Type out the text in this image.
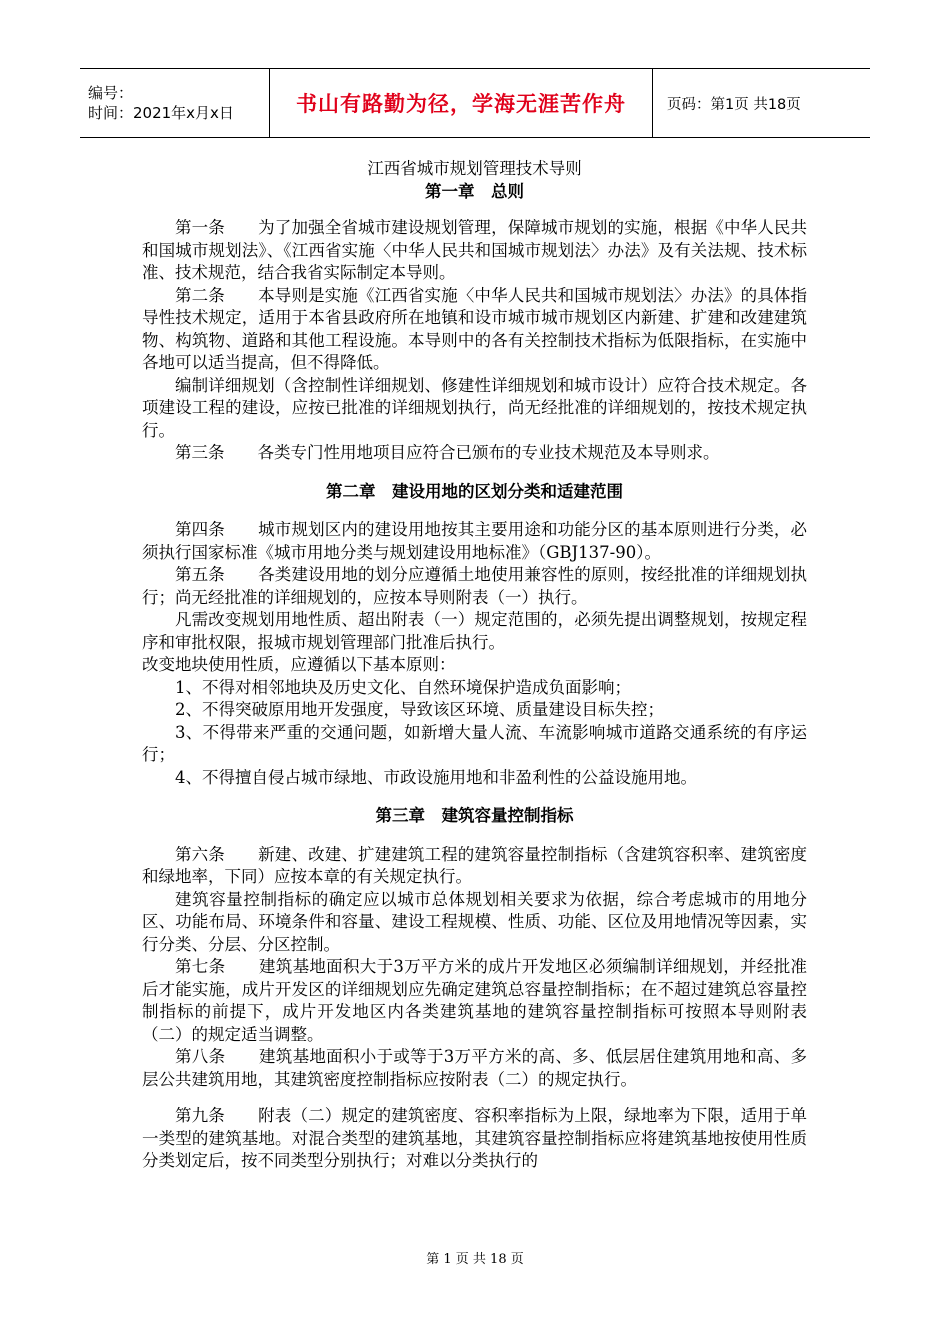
编号：
时间：2021年x月x日	书山有路勤为径，学海无涯苦作舟	页码：第1页 共18页
江西省城市规划管理技术导则
第一章　总则
第一条　　为了加强全省城市建设规划管理，保障城市规划的实施，根据《中华人民共和国城市规划法》、《江西省实施〈中华人民共和国城市规划法〉办法》及有关法规、技术标准、技术规范，结合我省实际制定本导则。
第二条　　本导则是实施《江西省实施〈中华人民共和国城市规划法〉办法》的具体指导性技术规定，适用于本省县政府所在地镇和设市城市城市规划区内新建、扩建和改建建筑物、构筑物、道路和其他工程设施。本导则中的各有关控制技术指标为低限指标，在实施中各地可以适当提高，但不得降低。
编制详细规划（含控制性详细规划、修建性详细规划和城市设计）应符合技术规定。各项建设工程的建设，应按已批准的详细规划执行，尚无经批准的详细规划的，按技术规定执行。
第三条　　各类专门性用地项目应符合已颁布的专业技术规范及本导则求。
第二章　建设用地的区划分类和适建范围
第四条　　城市规划区内的建设用地按其主要用途和功能分区的基本原则进行分类，必须执行国家标准《城市用地分类与规划建设用地标准》（GBJ137-90）。
第五条　　各类建设用地的划分应遵循土地使用兼容性的原则，按经批准的详细规划执行；尚无经批准的详细规划的，应按本导则附表（一）执行。
凡需改变规划用地性质、超出附表（一）规定范围的，必须先提出调整规划，按规定程序和审批权限，报城市规划管理部门批准后执行。
改变地块使用性质，应遵循以下基本原则：
1、不得对相邻地块及历史文化、自然环境保护造成负面影响；
2、不得突破原用地开发强度，导致该区环境、质量建设目标失控；
3、不得带来严重的交通问题，如新增大量人流、车流影响城市道路交通系统的有序运行；
4、不得擅自侵占城市绿地、市政设施用地和非盈利性的公益设施用地。
第三章　建筑容量控制指标
第六条　　新建、改建、扩建建筑工程的建筑容量控制指标（含建筑容积率、建筑密度和绿地率，下同）应按本章的有关规定执行。
建筑容量控制指标的确定应以城市总体规划相关要求为依据，综合考虑城市的用地分区、功能布局、环境条件和容量、建设工程规模、性质、功能、区位及用地情况等因素，实行分类、分层、分区控制。
第七条　　建筑基地面积大于3万平方米的成片开发地区必须编制详细规划，并经批准后才能实施，成片开发区的详细规划应先确定建筑总容量控制指标；在不超过建筑总容量控制指标的前提下，成片开发地区内各类建筑基地的建筑容量控制指标可按照本导则附表（二）的规定适当调整。
第八条　　建筑基地面积小于或等于3万平方米的高、多、低层居住建筑用地和高、多层公共建筑用地，其建筑密度控制指标应按附表（二）的规定执行。
第九条　　附表（二）规定的建筑密度、容积率指标为上限，绿地率为下限，适用于单一类型的建筑基地。对混合类型的建筑基地，其建筑容量控制指标应将建筑基地按使用性质分类划定后，按不同类型分别执行；对难以分类执行的
第 1 页 共 18 页
